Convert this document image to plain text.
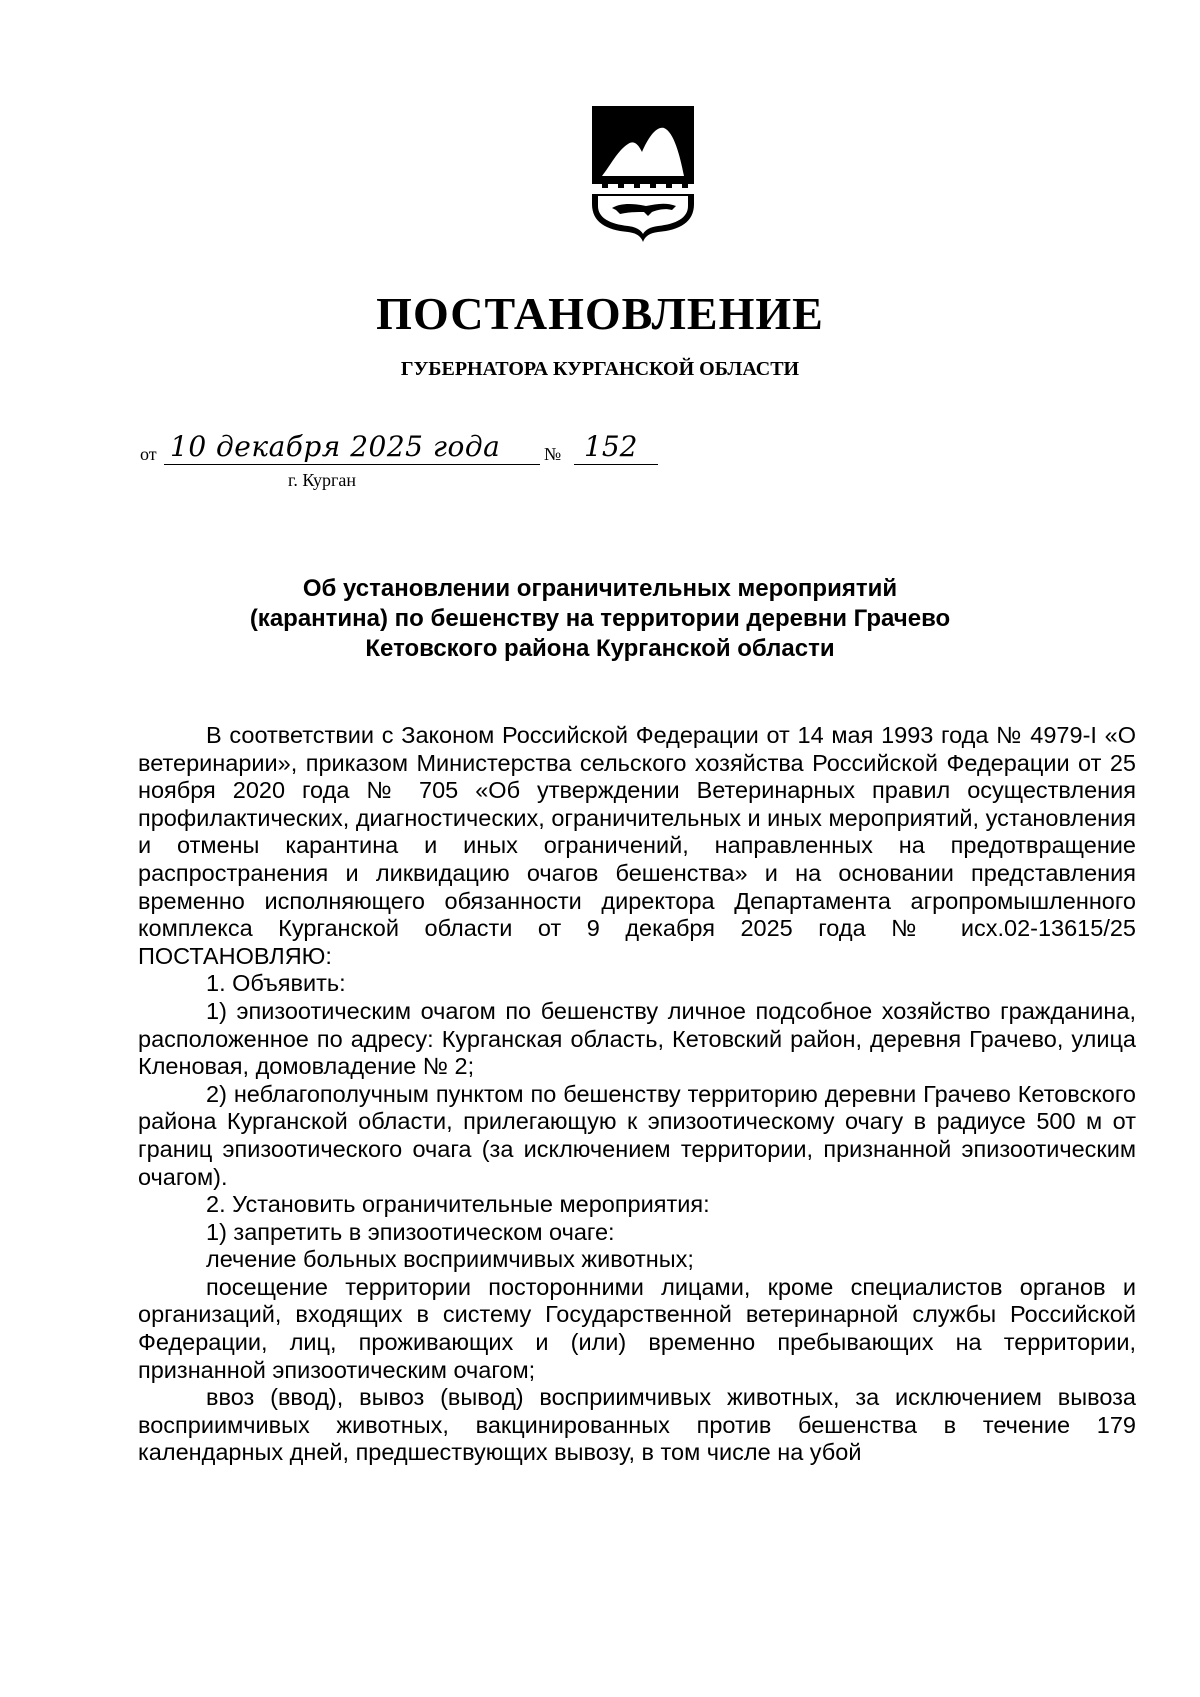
ПОСТАНОВЛЕНИЕ
ГУБЕРНАТОРА КУРГАНСКОЙ ОБЛАСТИ
от 10 декабря 2025 года № 152
г. Курган
Об установлении ограничительных мероприятий
(карантина) по бешенству на территории деревни Грачево
Кетовского района Курганской области

В соответствии с Законом Российской Федерации от 14 мая 1993 года № 4979-I «О ветеринарии», приказом Министерства сельского хозяйства Российской Федерации от 25 ноября 2020 года № 705 «Об утверждении Ветеринарных правил осуществления профилактических, диагностических, ограничительных и иных мероприятий, установления и отмены карантина и иных ограничений, направленных на предотвращение распространения и ликвидацию очагов бешенства» и на основании представления временно исполняющего обязанности директора Департамента агропромышленного комплекса Курганской области от 9 декабря 2025 года № исх.02-13615/25 ПОСТАНОВЛЯЮ:

1. Объявить:

1) эпизоотическим очагом по бешенству личное подсобное хозяйство гражданина, расположенное по адресу: Курганская область, Кетовский район, деревня Грачево, улица Кленовая, домовладение № 2;

2) неблагополучным пунктом по бешенству территорию деревни Грачево Кетовского района Курганской области, прилегающую к эпизоотическому очагу в радиусе 500 м от границ эпизоотического очага (за исключением территории, признанной эпизоотическим очагом).

2. Установить ограничительные мероприятия:

1) запретить в эпизоотическом очаге:

лечение больных восприимчивых животных;

посещение территории посторонними лицами, кроме специалистов органов и организаций, входящих в систему Государственной ветеринарной службы Российской Федерации, лиц, проживающих и (или) временно пребывающих на территории, признанной эпизоотическим очагом;

ввоз (ввод), вывоз (вывод) восприимчивых животных, за исключением вывоза восприимчивых животных, вакцинированных против бешенства в течение 179 календарных дней, предшествующих вывозу, в том числе на убой
